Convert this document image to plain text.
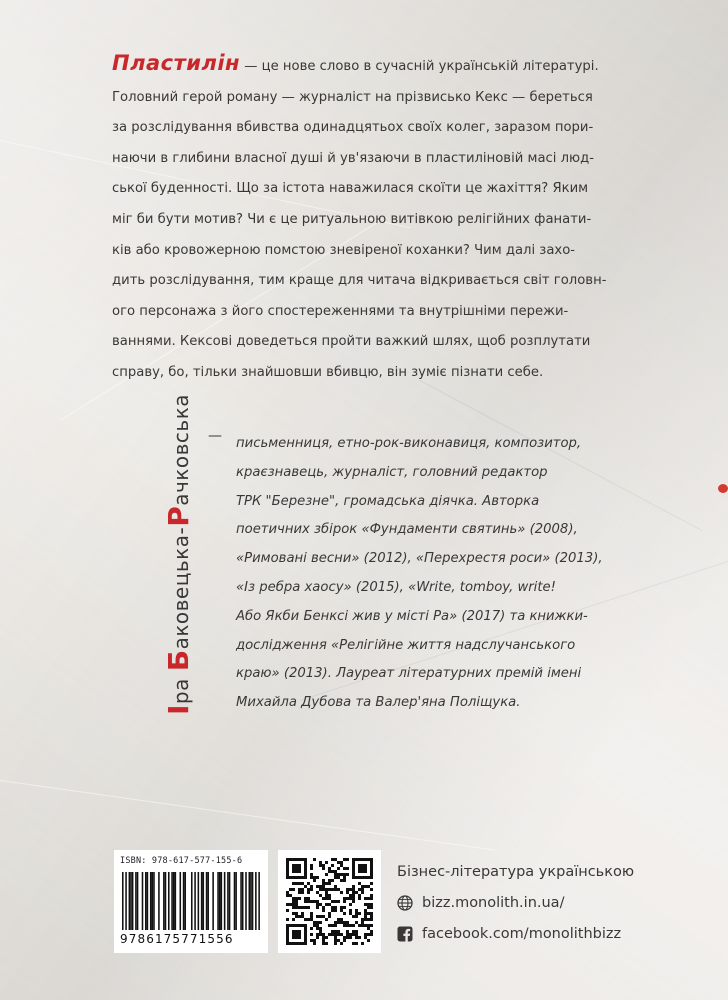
Пластилін — це нове слово в сучасній українській літературі.
Головний герой роману — журналіст на прізвисько Кекс — береться
за розслідування вбивства одинадцятьох своїх колег, заразом пори-
наючи в глибини власної душі й ув'язаючи в пластиліновій масі люд-
ської буденності. Що за істота наважилася скоїти це жахіття? Яким
міг би бути мотив? Чи є це ритуальною витівкою релігійних фанати-
ків або кровожерною помстою зневіреної коханки? Чим далі захо-
дить розслідування, тим краще для читача відкривається світ головн-
ого персонажа з його спостереженнями та внутрішніми пережи-
ваннями. Кексові доведеться пройти важкий шлях, щоб розплутати
справу, бо, тільки знайшовши вбивцю, він зуміє пізнати себе.

Іра Баковецька-Рачковська — письменниця, етно-рок-виконавиця, композитор,
краєзнавець, журналіст, головний редактор
ТРК "Березне", громадська діячка. Авторка
поетичних збірок «Фундаменти святинь» (2008),
«Римовані весни» (2012), «Перехрестя роси» (2013),
«Із ребра хаосу» (2015), «Write, tomboy, write!
Або Якби Бенксі жив у місті Ра» (2017) та книжки-
дослідження «Релігійне життя надслучанського
краю» (2013). Лауреат літературних премій імені
Михайла Дубова та Валер'яна Поліщука.

ISBN: 978-617-577-155-6
9786175771556
Бізнес-література українською
bizz.monolith.in.ua/
facebook.com/monolithbizz
